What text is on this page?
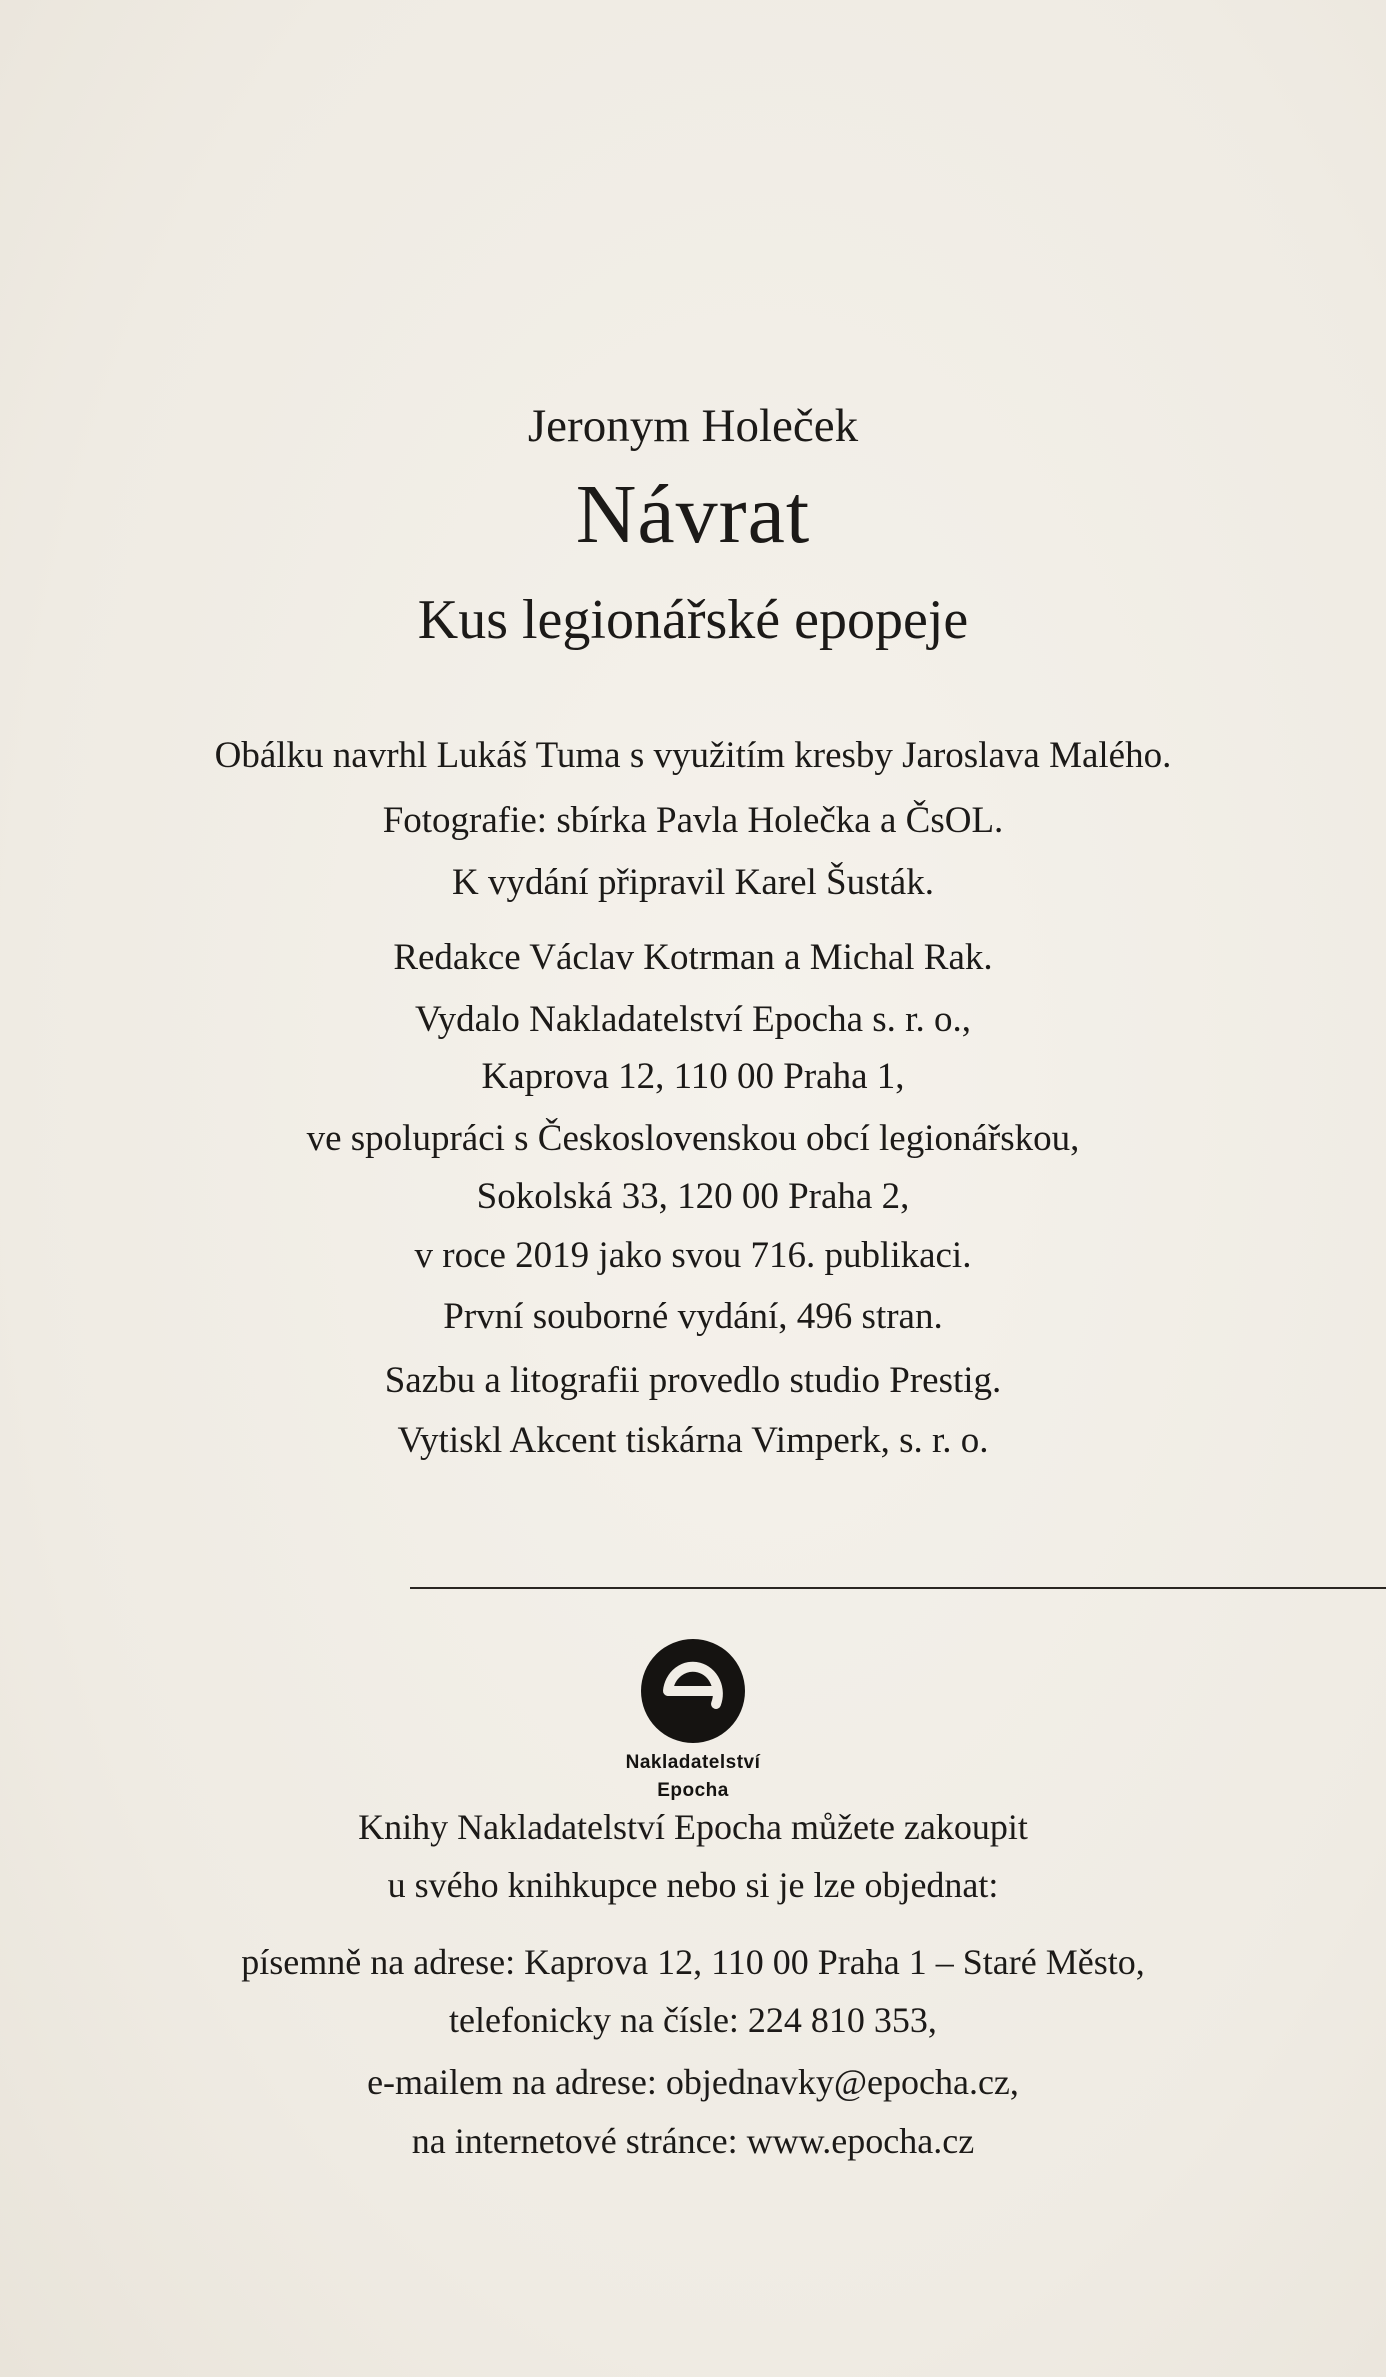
Jeronym Holeček
Návrat
Kus legionářské epopeje
Obálku navrhl Lukáš Tuma s využitím kresby Jaroslava Malého.
Fotografie: sbírka Pavla Holečka a ČsOL.
K vydání připravil Karel Šusták.
Redakce Václav Kotrman a Michal Rak.
Vydalo Nakladatelství Epocha s. r. o.,
Kaprova 12, 110 00 Praha 1,
ve spolupráci s Československou obcí legionářskou,
Sokolská 33, 120 00 Praha 2,
v roce 2019 jako svou 716. publikaci.
První souborné vydání, 496 stran.
Sazbu a litografii provedlo studio Prestig.
Vytiskl Akcent tiskárna Vimperk, s. r. o.
Nakladatelství
Epocha
Knihy Nakladatelství Epocha můžete zakoupit
u svého knihkupce nebo si je lze objednat:
písemně na adrese: Kaprova 12, 110 00 Praha 1 – Staré Město,
telefonicky na čísle: 224 810 353,
e-mailem na adrese: objednavky@epocha.cz,
na internetové stránce: www.epocha.cz
